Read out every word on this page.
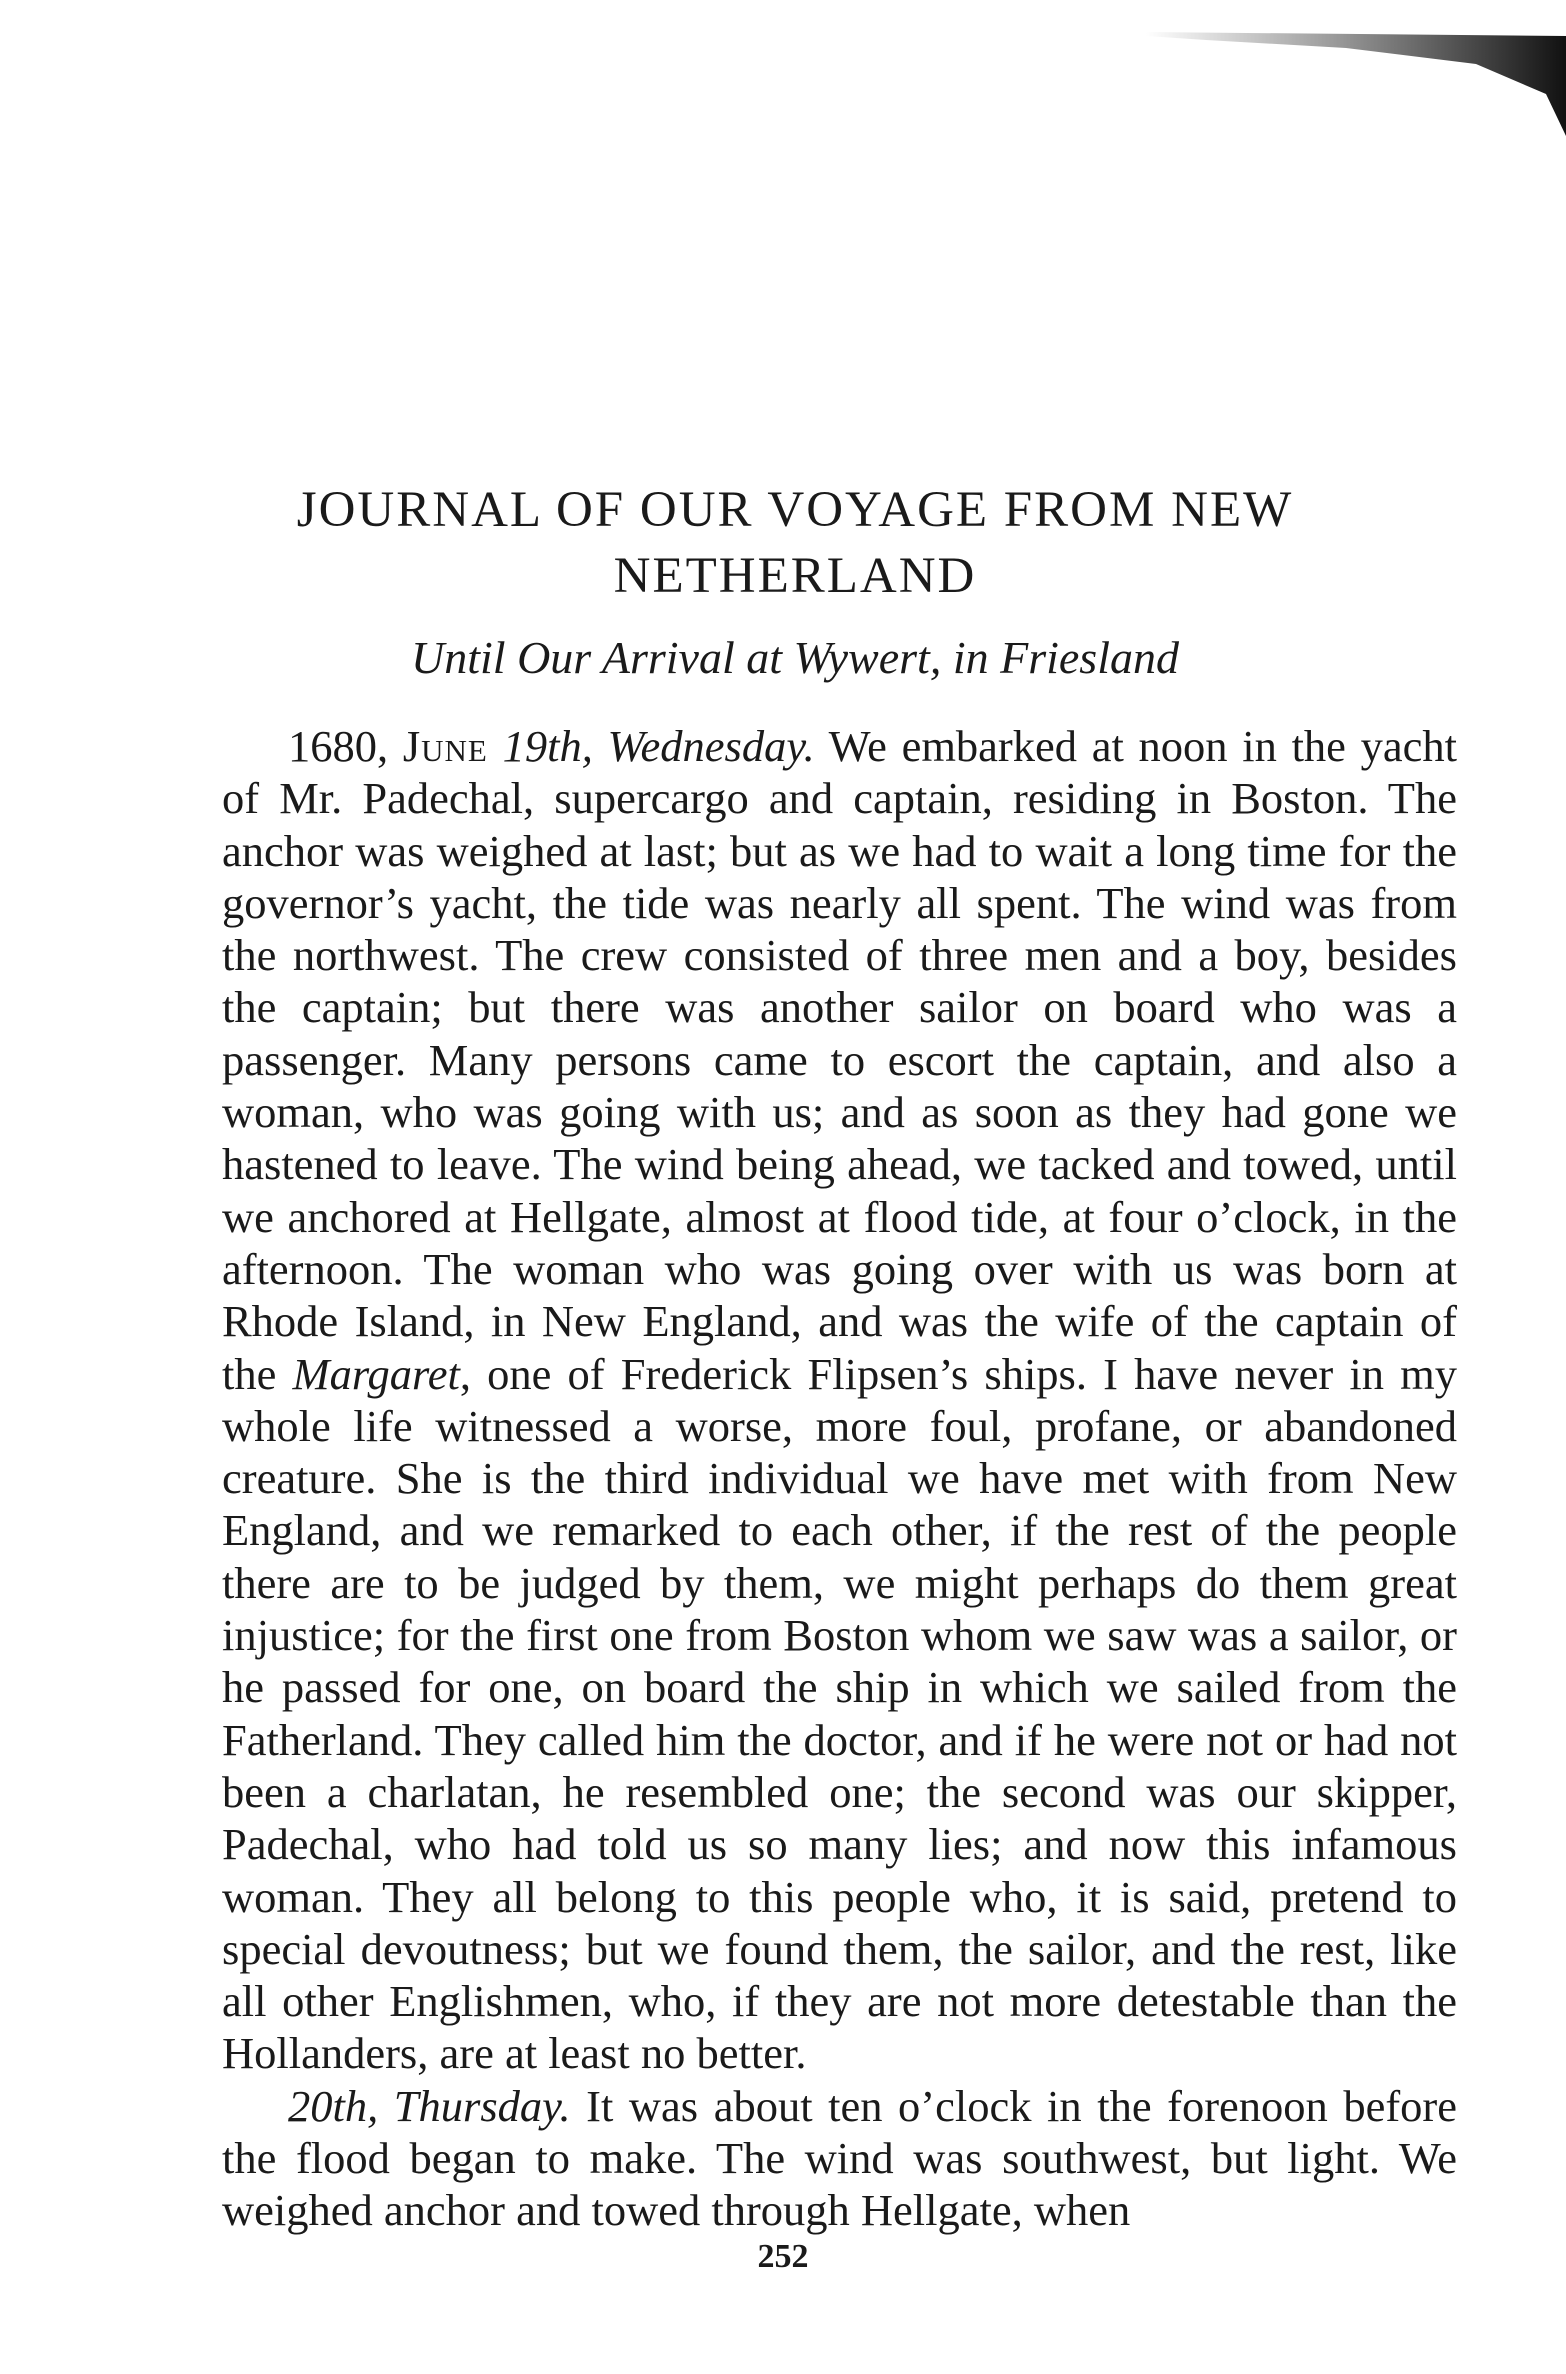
JOURNAL OF OUR VOYAGE FROM NEW
NETHERLAND
Until Our Arrival at Wywert, in Friesland

1680, June 19th, Wednesday. We embarked at noon in the yacht of Mr. Padechal, supercargo and captain, residing in Boston. The anchor was weighed at last; but as we had to wait a long time for the governor’s yacht, the tide was nearly all spent. The wind was from the northwest. The crew consisted of three men and a boy, besides the captain; but there was another sailor on board who was a passenger. Many persons came to escort the captain, and also a woman, who was going with us; and as soon as they had gone we hastened to leave. The wind being ahead, we tacked and towed, until we anchored at Hellgate, almost at flood tide, at four o’clock, in the afternoon. The woman who was going over with us was born at Rhode Island, in New England, and was the wife of the captain of the Margaret, one of Frederick Flipsen’s ships. I have never in my whole life witnessed a worse, more foul, profane, or abandoned creature. She is the third individual we have met with from New England, and we remarked to each other, if the rest of the people there are to be judged by them, we might perhaps do them great injustice; for the first one from Boston whom we saw was a sailor, or he passed for one, on board the ship in which we sailed from the Fatherland. They called him the doctor, and if he were not or had not been a charlatan, he resembled one; the second was our skipper, Padechal, who had told us so many lies; and now this infamous woman. They all belong to this people who, it is said, pretend to special devoutness; but we found them, the sailor, and the rest, like all other Englishmen, who, if they are not more detestable than the Hollanders, are at least no better.

20th, Thursday. It was about ten o’clock in the forenoon before the flood began to make. The wind was southwest, but light. We weighed anchor and towed through Hellgate, when

252
